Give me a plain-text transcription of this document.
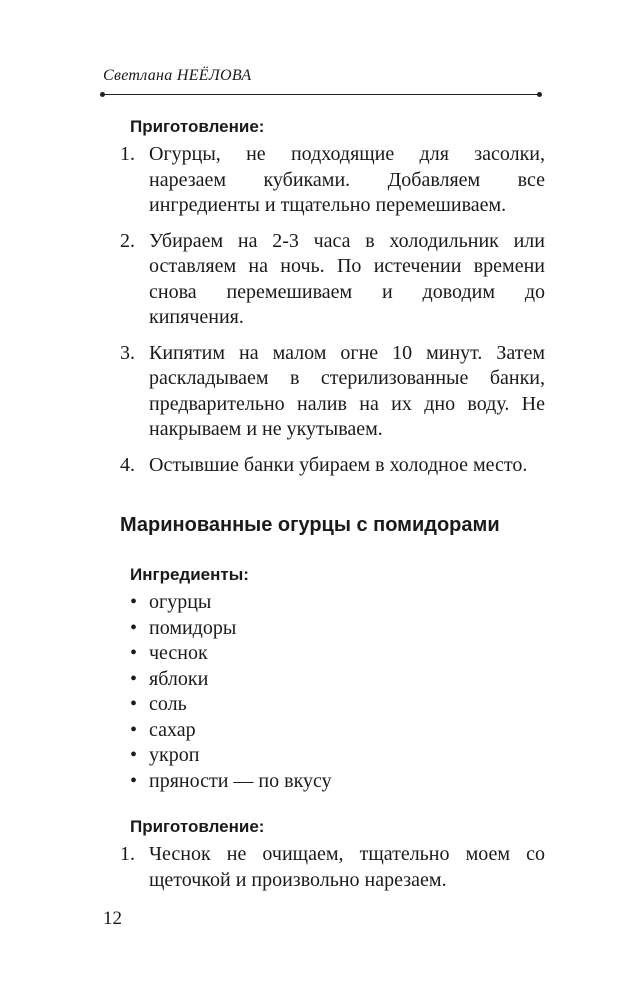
Светлана НЕЁЛОВА
Приготовление:
1. Огурцы, не подходящие для засолки, нарезаем кубиками. Добавляем все ингредиенты и тщательно перемешиваем.
2. Убираем на 2-3 часа в холодильник или оставляем на ночь. По истечении времени снова перемешиваем и доводим до кипячения.
3. Кипятим на малом огне 10 минут. Затем раскладываем в стерилизованные банки, предварительно налив на их дно воду. Не накрываем и не укутываем.
4. Остывшие банки убираем в холодное место.
Маринованные огурцы с помидорами
Ингредиенты:
• огурцы
• помидоры
• чеснок
• яблоки
• соль
• сахар
• укроп
• пряности — по вкусу
Приготовление:
1. Чеснок не очищаем, тщательно моем со щеточкой и произвольно нарезаем.
12
